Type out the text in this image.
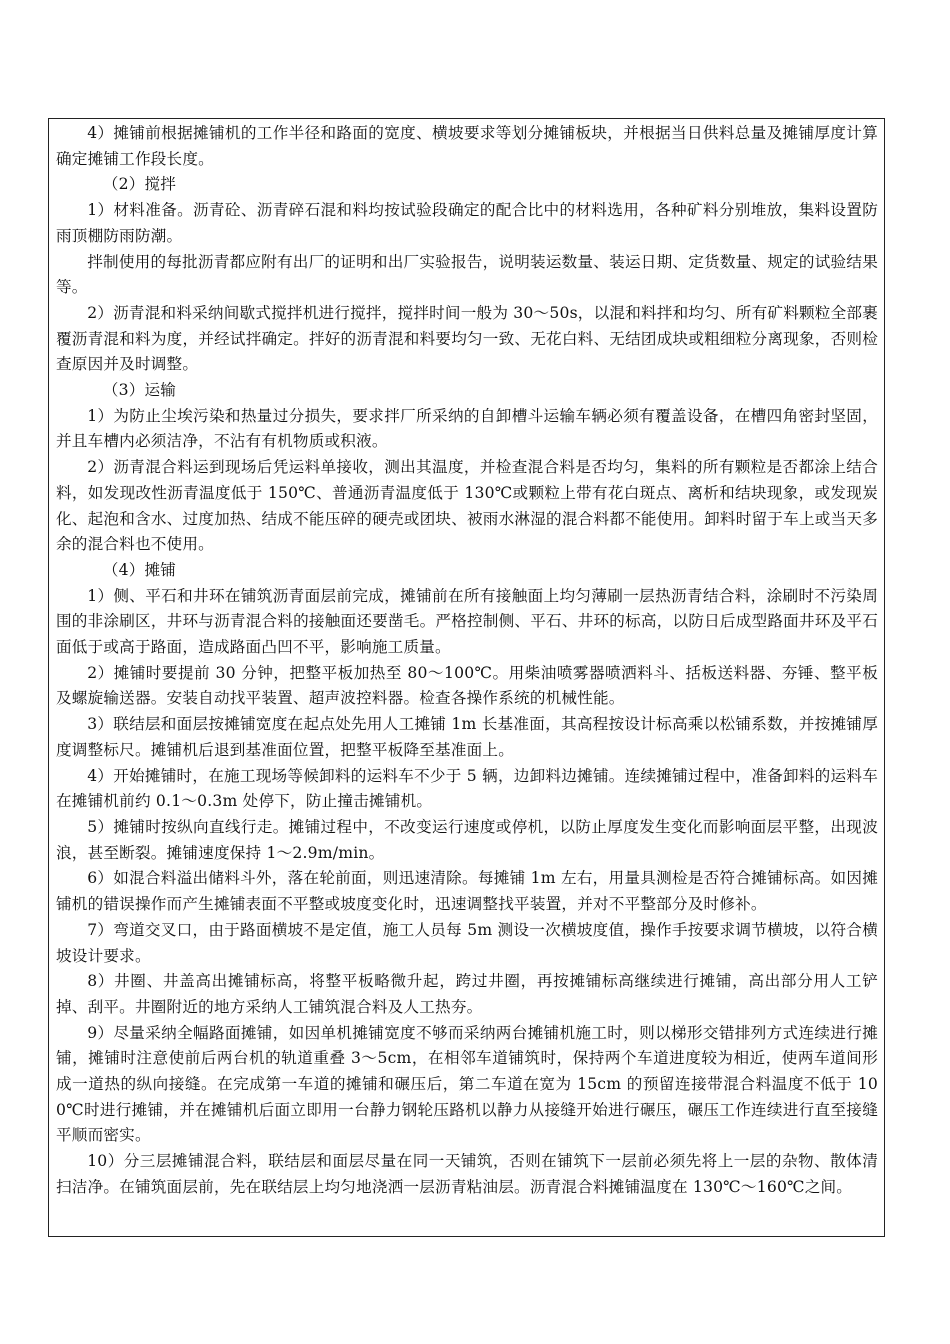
4）摊铺前根据摊铺机的工作半径和路面的宽度、横坡要求等划分摊铺板块，并根据当日供料总量及摊铺厚度计算确定摊铺工作段长度。

（2）搅拌

1）材料准备。沥青砼、沥青碎石混和料均按试验段确定的配合比中的材料选用，各种矿料分别堆放，集料设置防雨顶棚防雨防潮。

拌制使用的每批沥青都应附有出厂的证明和出厂实验报告，说明装运数量、装运日期、定货数量、规定的试验结果等。

2）沥青混和料采纳间歇式搅拌机进行搅拌，搅拌时间一般为 30～50s，以混和料拌和均匀、所有矿料颗粒全部裹覆沥青混和料为度，并经试拌确定。拌好的沥青混和料要均匀一致、无花白料、无结团成块或粗细粒分离现象，否则检查原因并及时调整。

（3）运输

1）为防止尘埃污染和热量过分损失，要求拌厂所采纳的自卸槽斗运输车辆必须有覆盖设备，在槽四角密封坚固，并且车槽内必须洁净，不沾有有机物质或积液。

2）沥青混合料运到现场后凭运料单接收，测出其温度，并检查混合料是否均匀，集料的所有颗粒是否都涂上结合料，如发现改性沥青温度低于 150℃、普通沥青温度低于 130℃或颗粒上带有花白斑点、离析和结块现象，或发现炭化、起泡和含水、过度加热、结成不能压碎的硬壳或团块、被雨水淋湿的混合料都不能使用。卸料时留于车上或当天多余的混合料也不使用。

（4）摊铺

1）侧、平石和井环在铺筑沥青面层前完成，摊铺前在所有接触面上均匀薄刷一层热沥青结合料，涂刷时不污染周围的非涂刷区，井环与沥青混合料的接触面还要凿毛。严格控制侧、平石、井环的标高，以防日后成型路面井环及平石面低于或高于路面，造成路面凸凹不平，影响施工质量。

2）摊铺时要提前 30 分钟，把整平板加热至 80～100℃。用柴油喷雾器喷洒料斗、括板送料器、夯锤、整平板及螺旋输送器。安装自动找平装置、超声波控料器。检查各操作系统的机械性能。

3）联结层和面层按摊铺宽度在起点处先用人工摊铺 1m 长基准面，其高程按设计标高乘以松铺系数，并按摊铺厚度调整标尺。摊铺机后退到基准面位置，把整平板降至基准面上。

4）开始摊铺时，在施工现场等候卸料的运料车不少于 5 辆，边卸料边摊铺。连续摊铺过程中，准备卸料的运料车在摊铺机前约 0.1～0.3m 处停下，防止撞击摊铺机。

5）摊铺时按纵向直线行走。摊铺过程中，不改变运行速度或停机，以防止厚度发生变化而影响面层平整，出现波浪，甚至断裂。摊铺速度保持 1～2.9m/min。

6）如混合料溢出储料斗外，落在轮前面，则迅速清除。每摊铺 1m 左右，用量具测检是否符合摊铺标高。如因摊铺机的错误操作而产生摊铺表面不平整或坡度变化时，迅速调整找平装置，并对不平整部分及时修补。

7）弯道交叉口，由于路面横坡不是定值，施工人员每 5m 测设一次横坡度值，操作手按要求调节横坡，以符合横坡设计要求。

8）井圈、井盖高出摊铺标高，将整平板略微升起，跨过井圈，再按摊铺标高继续进行摊铺，高出部分用人工铲掉、刮平。井圈附近的地方采纳人工铺筑混合料及人工热夯。

9）尽量采纳全幅路面摊铺，如因单机摊铺宽度不够而采纳两台摊铺机施工时，则以梯形交错排列方式连续进行摊铺，摊铺时注意使前后两台机的轨道重叠 3～5cm，在相邻车道铺筑时，保持两个车道进度较为相近，使两车道间形成一道热的纵向接缝。在完成第一车道的摊铺和碾压后，第二车道在宽为 15cm 的预留连接带混合料温度不低于 100℃时进行摊铺，并在摊铺机后面立即用一台静力钢轮压路机以静力从接缝开始进行碾压，碾压工作连续进行直至接缝平顺而密实。

10）分三层摊铺混合料，联结层和面层尽量在同一天铺筑，否则在铺筑下一层前必须先将上一层的杂物、散体清扫洁净。在铺筑面层前，先在联结层上均匀地浇洒一层沥青粘油层。沥青混合料摊铺温度在 130℃～160℃之间。
